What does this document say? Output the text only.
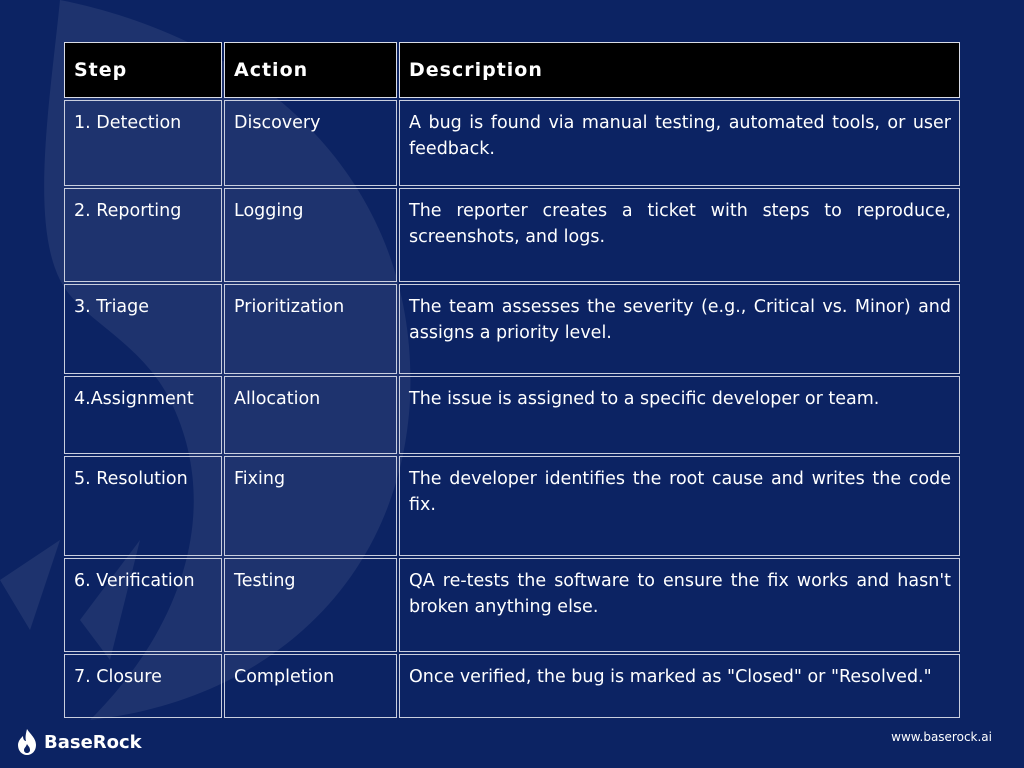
Step	Action	Description
1. Detection	Discovery	A bug is found via manual testing, automated tools, or user feedback.
2. Reporting	Logging	The reporter creates a ticket with steps to reproduce, screenshots, and logs.
3. Triage	Prioritization	The team assesses the severity (e.g., Critical vs. Minor) and assigns a priority level.
4.Assignment	Allocation	The issue is assigned to a specific developer or team.
5. Resolution	Fixing	The developer identifies the root cause and writes the code fix.
6. Verification	Testing	QA re-tests the software to ensure the fix works and hasn't broken anything else.
7. Closure	Completion	Once verified, the bug is marked as "Closed" or "Resolved."
BaseRock	www.baserock.ai
